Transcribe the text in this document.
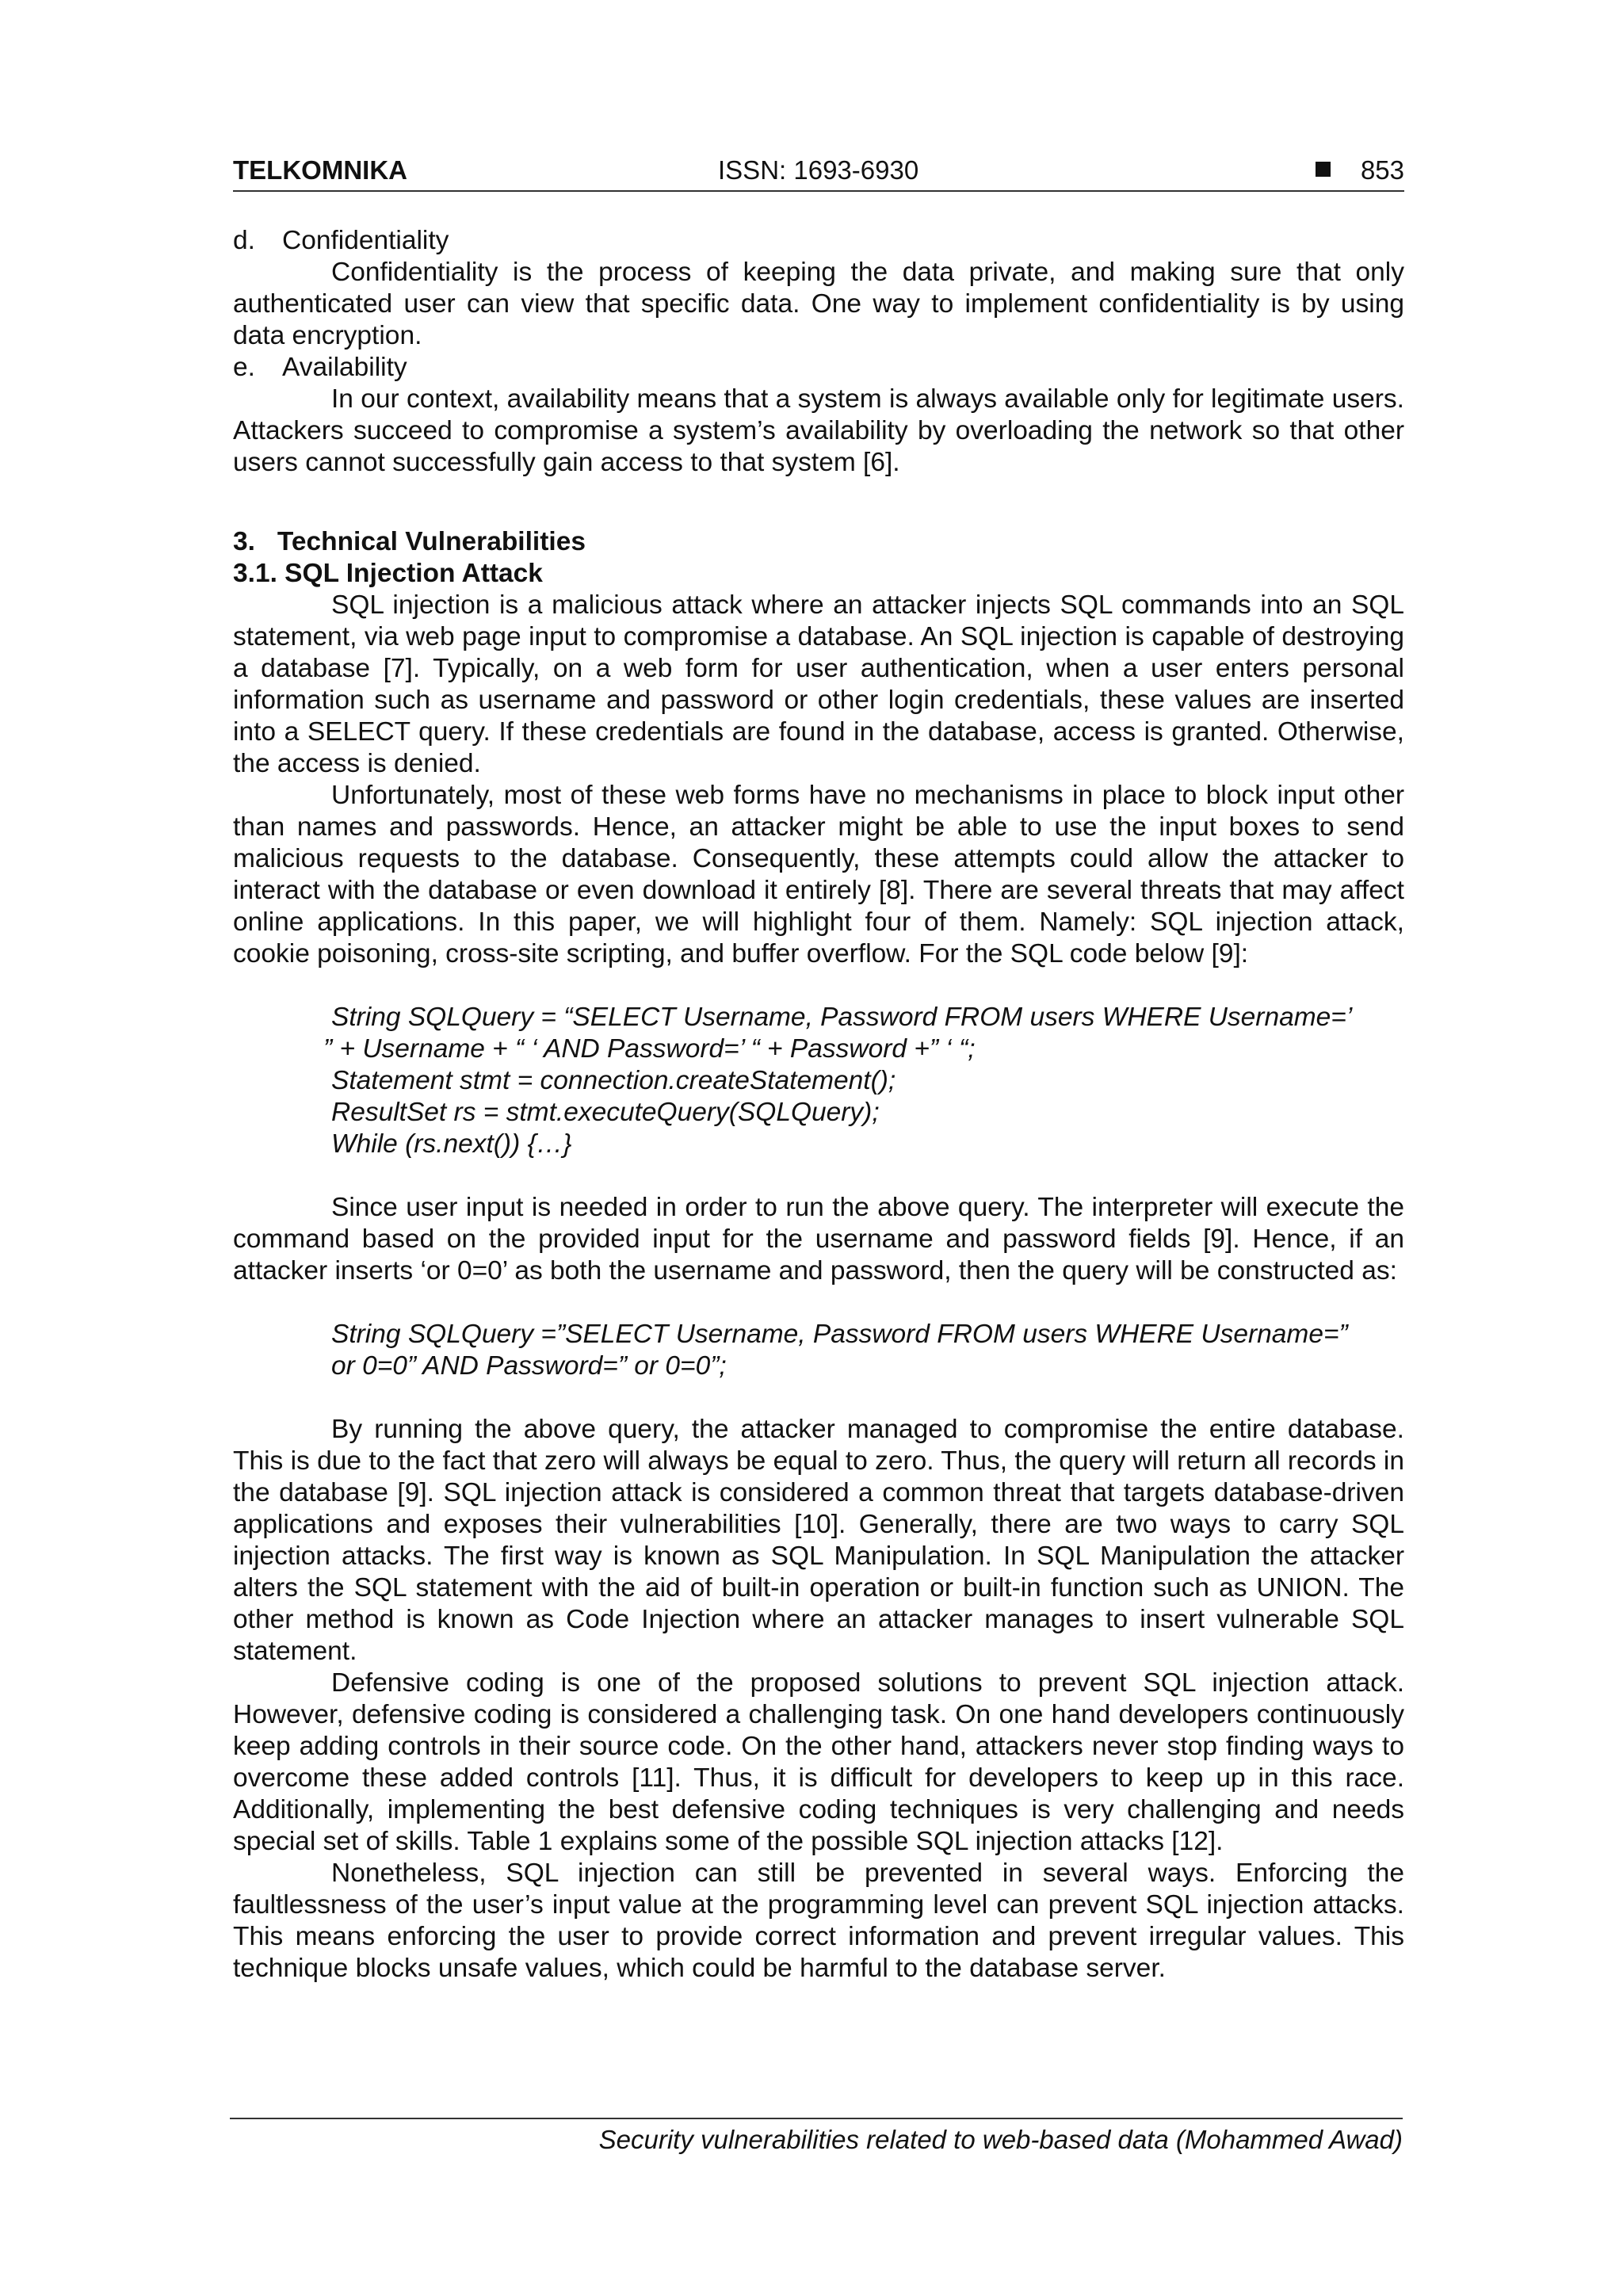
TELKOMNIKA	ISSN: 1693-6930	853
d. Confidentiality

Confidentiality is the process of keeping the data private, and making sure that only authenticated user can view that specific data. One way to implement confidentiality is by using data encryption.

e. Availability

In our context, availability means that a system is always available only for legitimate users. Attackers succeed to compromise a system’s availability by overloading the network so that other users cannot successfully gain access to that system [6].

3.   Technical Vulnerabilities
3.1. SQL Injection Attack

SQL injection is a malicious attack where an attacker injects SQL commands into an SQL statement, via web page input to compromise a database. An SQL injection is capable of destroying a database [7]. Typically, on a web form for user authentication, when a user enters personal information such as username and password or other login credentials, these values are inserted into a SELECT query. If these credentials are found in the database, access is granted. Otherwise, the access is denied.

Unfortunately, most of these web forms have no mechanisms in place to block input other than names and passwords. Hence, an attacker might be able to use the input boxes to send malicious requests to the database. Consequently, these attempts could allow the attacker to interact with the database or even download it entirely [8]. There are several threats that may affect online applications. In this paper, we will highlight four of them. Namely: SQL injection attack, cookie poisoning, cross-site scripting, and buffer overflow. For the SQL code below [9]:

String SQLQuery = “SELECT Username, Password FROM users WHERE Username=’
” + Username + “ ‘ AND Password=’ “ + Password +” ‘ “;
Statement stmt = connection.createStatement();
ResultSet rs = stmt.executeQuery(SQLQuery);
While (rs.next()) {…}

Since user input is needed in order to run the above query. The interpreter will execute the command based on the provided input for the username and password fields [9]. Hence, if an attacker inserts ‘or 0=0’ as both the username and password, then the query will be constructed as:

String SQLQuery =”SELECT Username, Password FROM users WHERE Username=”
or 0=0” AND Password=” or 0=0”;

By running the above query, the attacker managed to compromise the entire database. This is due to the fact that zero will always be equal to zero. Thus, the query will return all records in the database [9]. SQL injection attack is considered a common threat that targets database-driven applications and exposes their vulnerabilities [10]. Generally, there are two ways to carry SQL injection attacks. The first way is known as SQL Manipulation. In SQL Manipulation the attacker alters the SQL statement with the aid of built-in operation or built-in function such as UNION. The other method is known as Code Injection where an attacker manages to insert vulnerable SQL statement.

Defensive coding is one of the proposed solutions to prevent SQL injection attack. However, defensive coding is considered a challenging task. On one hand developers continuously keep adding controls in their source code. On the other hand, attackers never stop finding ways to overcome these added controls [11]. Thus, it is difficult for developers to keep up in this race. Additionally, implementing the best defensive coding techniques is very challenging and needs special set of skills. Table 1 explains some of the possible SQL injection attacks [12].

Nonetheless, SQL injection can still be prevented in several ways. Enforcing the faultlessness of the user’s input value at the programming level can prevent SQL injection attacks. This means enforcing the user to provide correct information and prevent irregular values. This technique blocks unsafe values, which could be harmful to the database server.

Security vulnerabilities related to web-based data (Mohammed Awad)
